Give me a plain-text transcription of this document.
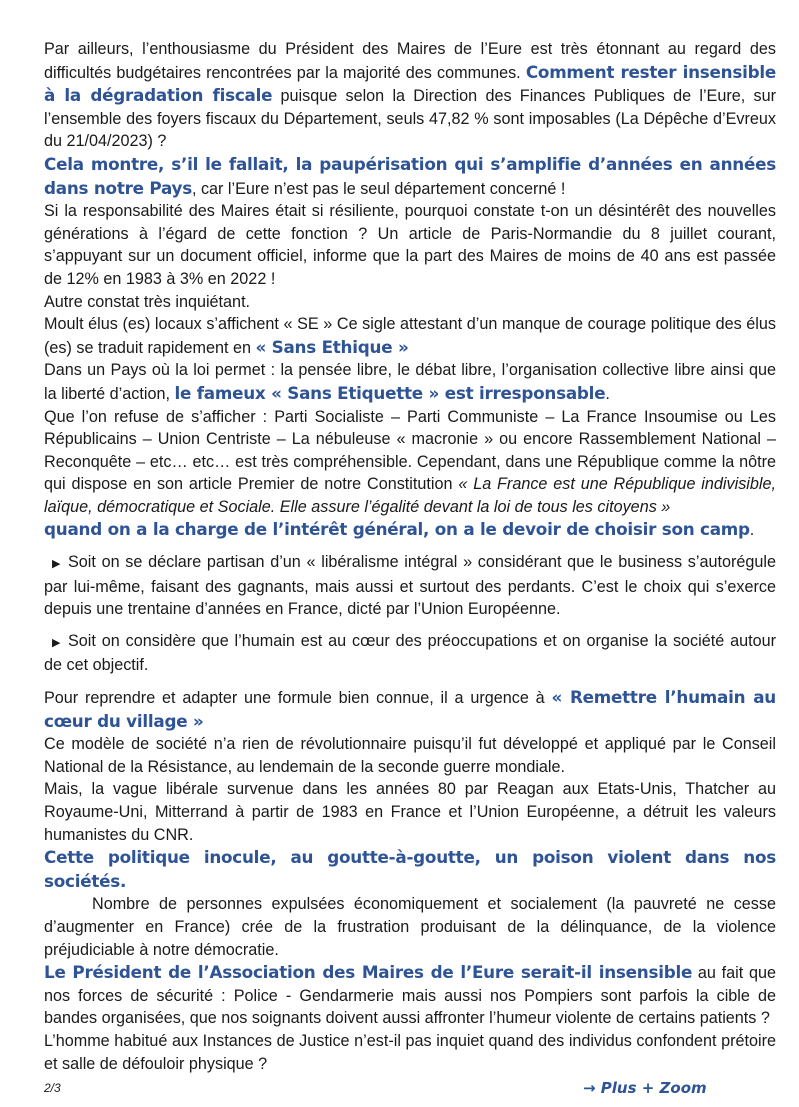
Par ailleurs, l’enthousiasme du Président des Maires de l’Eure est très étonnant au regard des difficultés budgétaires rencontrées par la majorité des communes. Comment rester insensible à la dégradation fiscale puisque selon la Direction des Finances Publiques de l’Eure, sur l’ensemble des foyers fiscaux du Département, seuls 47,82 % sont imposables (La Dépêche d’Evreux du 21/04/2023) ?

Cela montre, s’il le fallait, la paupérisation qui s’amplifie d’années en années dans notre Pays, car l’Eure n’est pas le seul département concerné !

Si la responsabilité des Maires était si résiliente, pourquoi constate t-on un désintérêt des nouvelles générations à l’égard de cette fonction ? Un article de Paris-Normandie du 8 juillet courant, s’appuyant sur un document officiel, informe que la part des Maires de moins de 40 ans est passée de 12% en 1983 à 3% en 2022 !

Autre constat très inquiétant.

Moult élus (es) locaux s’affichent « SE » Ce sigle attestant d’un manque de courage politique des élus (es) se traduit rapidement en « Sans Ethique »

Dans un Pays où la loi permet : la pensée libre, le débat libre, l’organisation collective libre ainsi que la liberté d’action, le fameux « Sans Etiquette » est irresponsable.

Que l’on refuse de s’afficher : Parti Socialiste – Parti Communiste – La France Insoumise ou Les Républicains – Union Centriste – La nébuleuse « macronie » ou encore Rassemblement National – Reconquête – etc… etc… est très compréhensible. Cependant, dans une République comme la nôtre qui dispose en son article Premier de notre Constitution « La France est une République indivisible, laïque, démocratique et Sociale. Elle assure l’égalité devant la loi de tous les citoyens »

quand on a la charge de l’intérêt général, on a le devoir de choisir son camp.

▶ Soit on se déclare partisan d’un « libéralisme intégral » considérant que le business s’autorégule par lui-même, faisant des gagnants, mais aussi et surtout des perdants. C’est le choix qui s’exerce depuis une trentaine d’années en France, dicté par l’Union Européenne.

▶ Soit on considère que l’humain est au cœur des préoccupations et on organise la société autour de cet objectif.

Pour reprendre et adapter une formule bien connue, il a urgence à « Remettre l’humain au cœur du village »

Ce modèle de société n’a rien de révolutionnaire puisqu’il fut développé et appliqué par le Conseil National de la Résistance, au lendemain de la seconde guerre mondiale.

Mais, la vague libérale survenue dans les années 80 par Reagan aux Etats-Unis, Thatcher au Royaume-Uni, Mitterrand à partir de 1983 en France et l’Union Européenne, a détruit les valeurs humanistes du CNR.

Cette politique inocule, au goutte-à-goutte, un poison violent dans nos sociétés.

Nombre de personnes expulsées économiquement et socialement (la pauvreté ne cesse d’augmenter en France) crée de la frustration produisant de la délinquance, de la violence préjudiciable à notre démocratie.

Le Président de l’Association des Maires de l’Eure serait-il insensible au fait que nos forces de sécurité : Police - Gendarmerie mais aussi nos Pompiers sont parfois la cible de bandes organisées, que nos soignants doivent aussi affronter l’humeur violente de certains patients ?

L’homme habitué aux Instances de Justice n’est-il pas inquiet quand des individus confondent prétoire et salle de défouloir physique ?

2/3	→ Plus + Zoom
